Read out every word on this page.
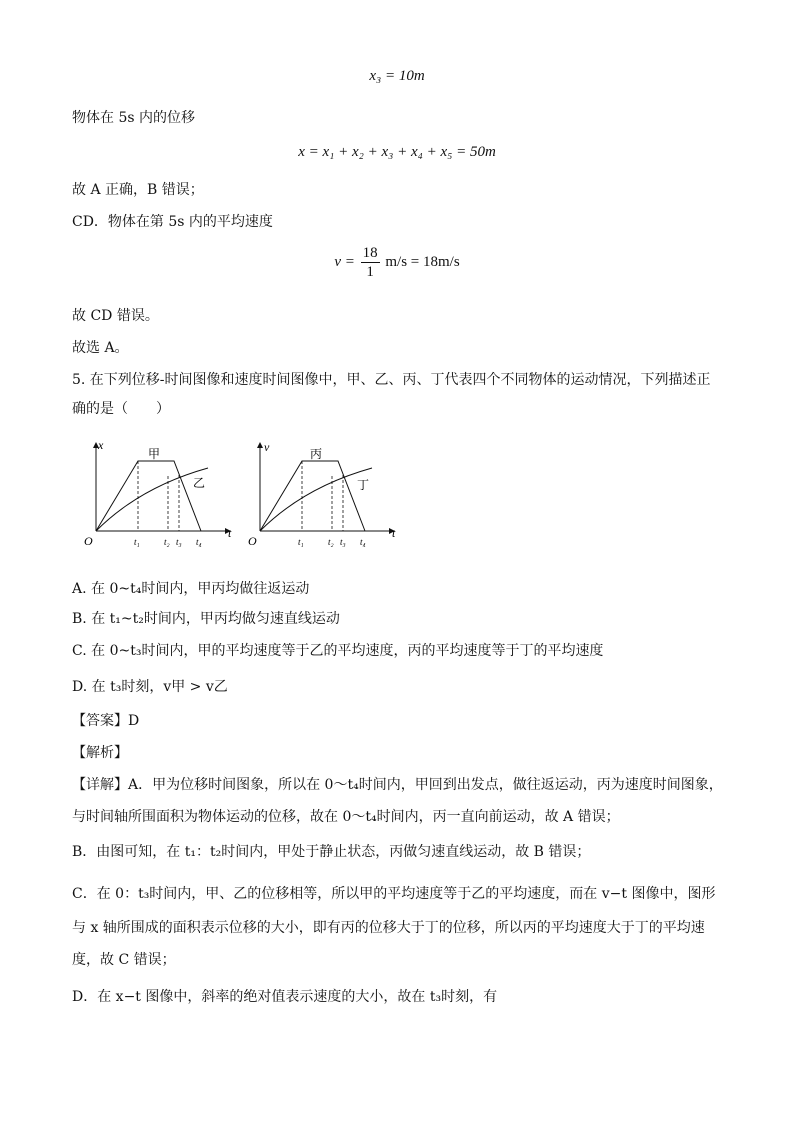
x₃ = 10m
物体在 5s 内的位移
x = x₁ + x₂ + x₃ + x₄ + x₅ = 50m
故 A 正确，B 错误；
CD．物体在第 5s 内的平均速度
$v = \frac{18}{1} m/s = 18m/s$
故 CD 错误。
故选 A。
5. 在下列位移-时间图像和速度时间图像中，甲、乙、丙、丁代表四个不同物体的运动情况，下列描述正
确的是（　　）
x
t
O
甲
乙
t₁	t₂ t₃ t₄
v
t
O
丙
丁
t₁	t₂ t₃ t₄
A. 在 0~t₄时间内，甲丙均做往返运动
B. 在 t₁~t₂时间内，甲丙均做匀速直线运动
C. 在 0~t₃时间内，甲的平均速度等于乙的平均速度，丙的平均速度等于丁的平均速度
D. 在 t₃时刻，v甲 > v乙
【答案】D
【解析】
【详解】A．甲为位移时间图象，所以在 0～t₄时间内，甲回到出发点，做往返运动，丙为速度时间图象，
与时间轴所围面积为物体运动的位移，故在 0～t₄时间内，丙一直向前运动，故 A 错误；
B．由图可知，在 t₁：t₂时间内，甲处于静止状态，丙做匀速直线运动，故 B 错误；
C．在 0：t₃时间内，甲、乙的位移相等，所以甲的平均速度等于乙的平均速度，而在 v−t 图像中，图形
与 x 轴所围成的面积表示位移的大小，即有丙的位移大于丁的位移，所以丙的平均速度大于丁的平均速
度，故 C 错误；
D．在 x−t 图像中，斜率的绝对值表示速度的大小，故在 t₃时刻，有
